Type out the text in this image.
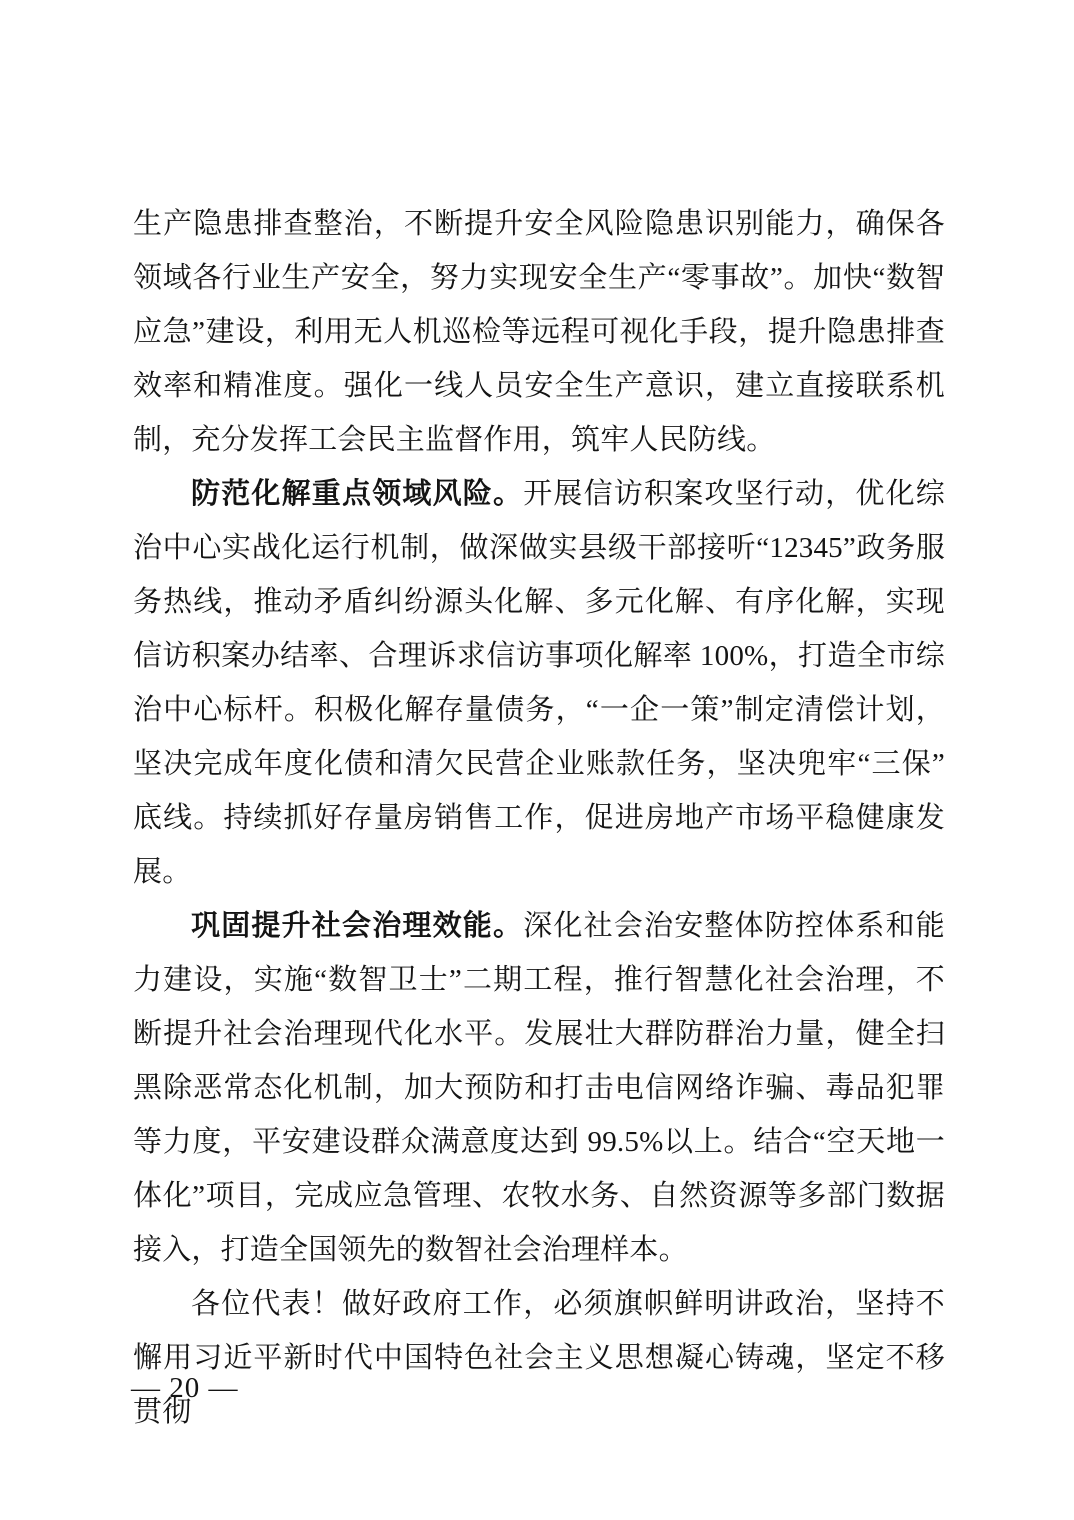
生产隐患排查整治，不断提升安全风险隐患识别能力，确保各领域各行业生产安全，努力实现安全生产“零事故”。加快“数智应急”建设，利用无人机巡检等远程可视化手段，提升隐患排查效率和精准度。强化一线人员安全生产意识，建立直接联系机制，充分发挥工会民主监督作用，筑牢人民防线。

防范化解重点领域风险。开展信访积案攻坚行动，优化综治中心实战化运行机制，做深做实县级干部接听“12345”政务服务热线，推动矛盾纠纷源头化解、多元化解、有序化解，实现信访积案办结率、合理诉求信访事项化解率 100%，打造全市综治中心标杆。积极化解存量债务，“一企一策”制定清偿计划，坚决完成年度化债和清欠民营企业账款任务，坚决兜牢“三保”底线。持续抓好存量房销售工作，促进房地产市场平稳健康发展。

巩固提升社会治理效能。深化社会治安整体防控体系和能力建设，实施“数智卫士”二期工程，推行智慧化社会治理，不断提升社会治理现代化水平。发展壮大群防群治力量，健全扫黑除恶常态化机制，加大预防和打击电信网络诈骗、毒品犯罪等力度，平安建设群众满意度达到 99.5%以上。结合“空天地一体化”项目，完成应急管理、农牧水务、自然资源等多部门数据接入，打造全国领先的数智社会治理样本。

各位代表！做好政府工作，必须旗帜鲜明讲政治，坚持不懈用习近平新时代中国特色社会主义思想凝心铸魂，坚定不移贯彻

— 20 —
